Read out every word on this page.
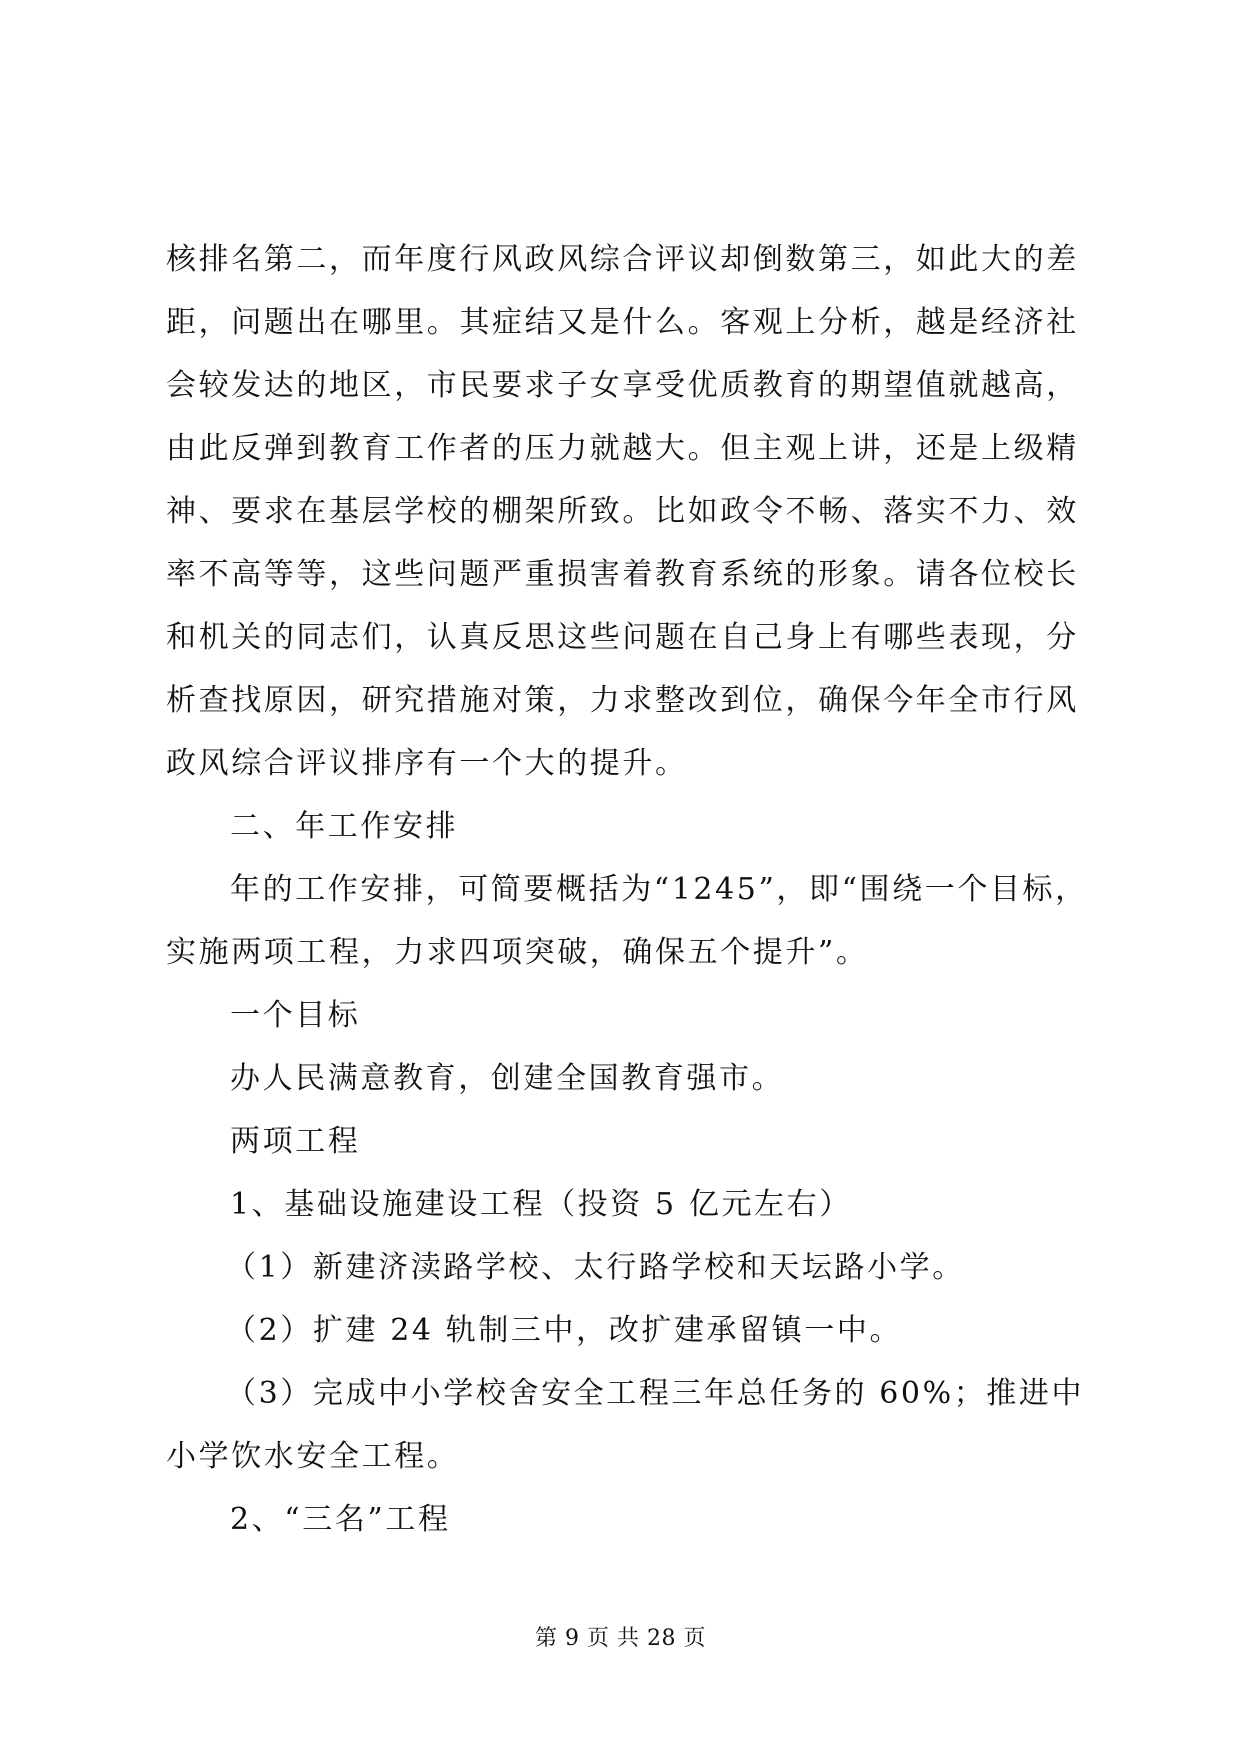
核排名第二，而年度行风政风综合评议却倒数第三，如此大的差
距，问题出在哪里。其症结又是什么。客观上分析，越是经济社
会较发达的地区，市民要求子女享受优质教育的期望值就越高，
由此反弹到教育工作者的压力就越大。但主观上讲，还是上级精
神、要求在基层学校的棚架所致。比如政令不畅、落实不力、效
率不高等等，这些问题严重损害着教育系统的形象。请各位校长
和机关的同志们，认真反思这些问题在自己身上有哪些表现，分
析查找原因，研究措施对策，力求整改到位，确保今年全市行风
政风综合评议排序有一个大的提升。
二、年工作安排
年的工作安排，可简要概括为“1245”，即“围绕一个目标，
实施两项工程，力求四项突破，确保五个提升”。
一个目标
办人民满意教育，创建全国教育强市。
两项工程
1、基础设施建设工程（投资 5 亿元左右）
（1）新建济渎路学校、太行路学校和天坛路小学。
（2）扩建 24 轨制三中，改扩建承留镇一中。
（3）完成中小学校舍安全工程三年总任务的 60%；推进中
小学饮水安全工程。
2、“三名”工程
第 9 页 共 28 页
